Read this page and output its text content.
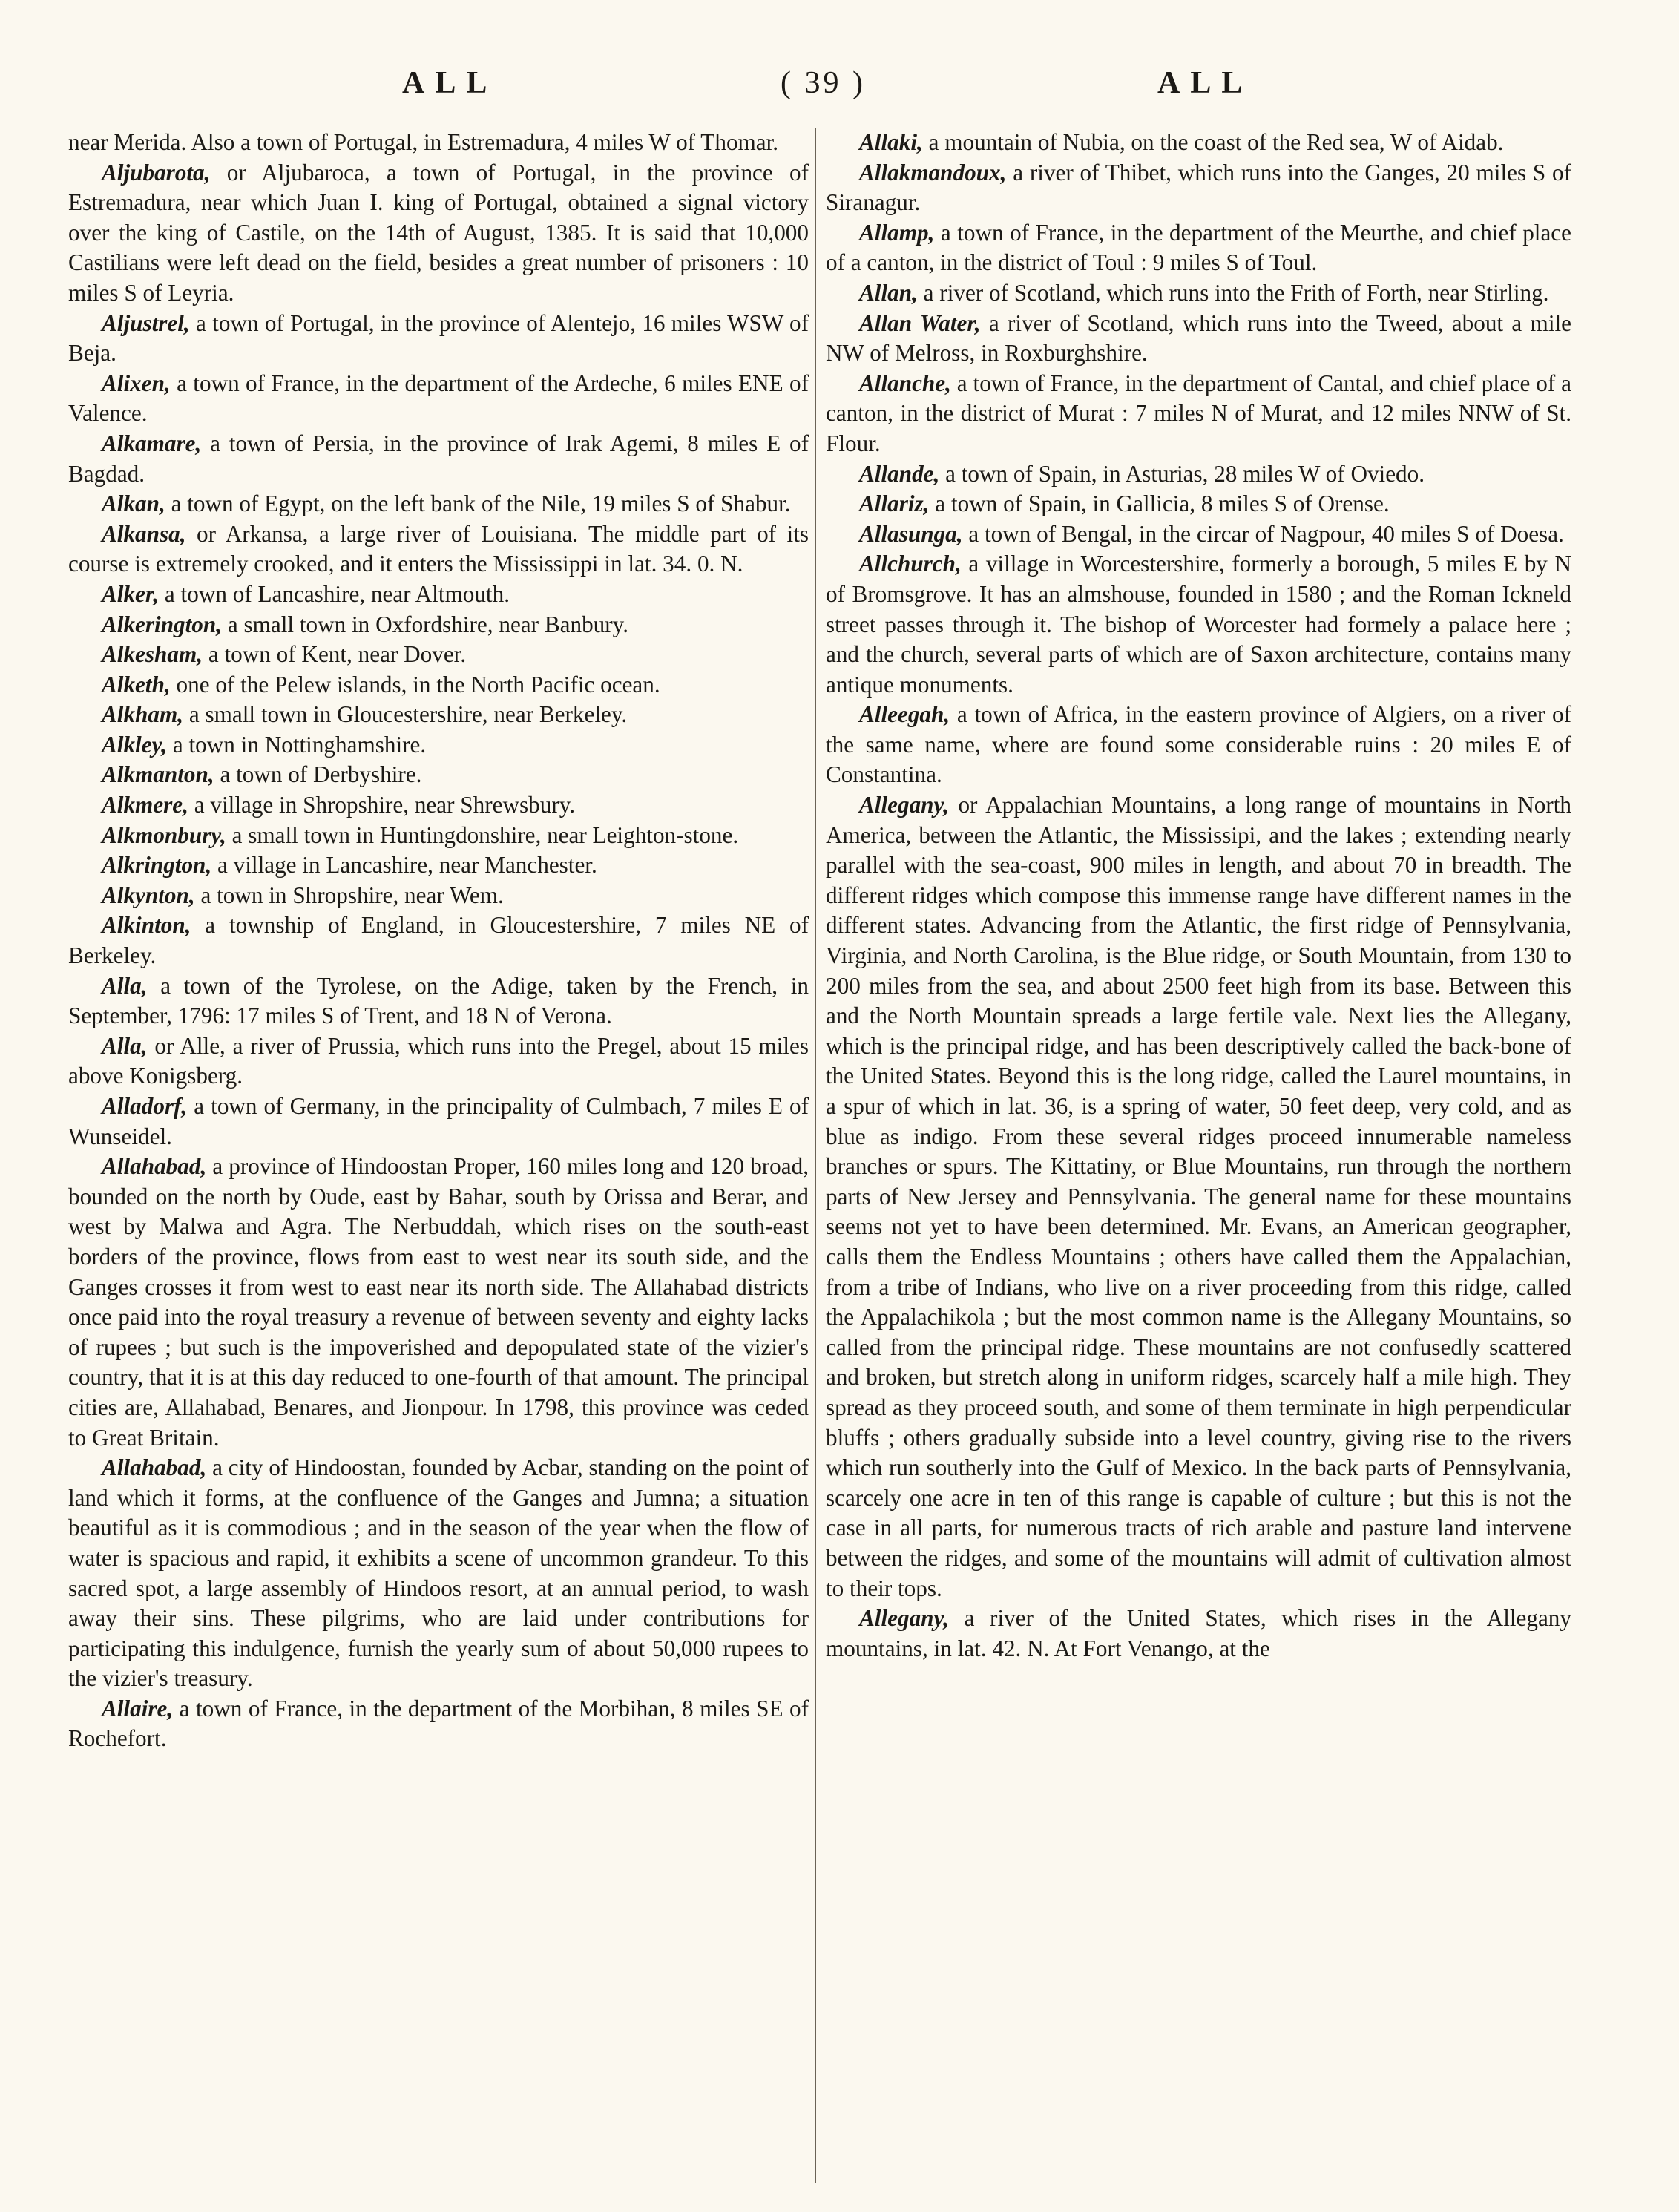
ALL	( 39 )	ALL

near Merida. Also a town of Portugal, in Estremadura, 4 miles W of Thomar.

Aljubarota, or Aljubaroca, a town of Portugal, in the province of Estremadura, near which Juan I. king of Portugal, obtained a signal victory over the king of Castile, on the 14th of August, 1385. It is said that 10,000 Castilians were left dead on the field, besides a great number of prisoners : 10 miles S of Leyria.

Aljustrel, a town of Portugal, in the province of Alentejo, 16 miles WSW of Beja.

Alixen, a town of France, in the department of the Ardeche, 6 miles ENE of Valence.

Alkamare, a town of Persia, in the province of Irak Agemi, 8 miles E of Bagdad.

Alkan, a town of Egypt, on the left bank of the Nile, 19 miles S of Shabur.

Alkansa, or Arkansa, a large river of Louisiana. The middle part of its course is extremely crooked, and it enters the Mississippi in lat. 34. 0. N.

Alker, a town of Lancashire, near Altmouth.

Alkerington, a small town in Oxfordshire, near Banbury.

Alkesham, a town of Kent, near Dover.

Alketh, one of the Pelew islands, in the North Pacific ocean.

Alkham, a small town in Gloucestershire, near Berkeley.

Alkley, a town in Nottinghamshire.

Alkmanton, a town of Derbyshire.

Alkmere, a village in Shropshire, near Shrewsbury.

Alkmonbury, a small town in Huntingdonshire, near Leighton-stone.

Alkrington, a village in Lancashire, near Manchester.

Alkynton, a town in Shropshire, near Wem.

Alkinton, a township of England, in Gloucestershire, 7 miles NE of Berkeley.

Alla, a town of the Tyrolese, on the Adige, taken by the French, in September, 1796: 17 miles S of Trent, and 18 N of Verona.

Alla, or Alle, a river of Prussia, which runs into the Pregel, about 15 miles above Konigsberg.

Alladorf, a town of Germany, in the principality of Culmbach, 7 miles E of Wunseidel.

Allahabad, a province of Hindoostan Proper, 160 miles long and 120 broad, bounded on the north by Oude, east by Bahar, south by Orissa and Berar, and west by Malwa and Agra. The Nerbuddah, which rises on the south-east borders of the province, flows from east to west near its south side, and the Ganges crosses it from west to east near its north side. The Allahabad districts once paid into the royal treasury a revenue of between seventy and eighty lacks of rupees ; but such is the impoverished and depopulated state of the vizier's country, that it is at this day reduced to one-fourth of that amount. The principal cities are, Allahabad, Benares, and Jionpour. In 1798, this province was ceded to Great Britain.

Allahabad, a city of Hindoostan, founded by Acbar, standing on the point of land which it forms, at the confluence of the Ganges and Jumna; a situation beautiful as it is commodious ; and in the season of the year when the flow of water is spacious and rapid, it exhibits a scene of uncommon grandeur. To this sacred spot, a large assembly of Hindoos resort, at an annual period, to wash away their sins. These pilgrims, who are laid under contributions for participating this indulgence, furnish the yearly sum of about 50,000 rupees to the vizier's treasury.

Allaire, a town of France, in the department of the Morbihan, 8 miles SE of Rochefort.

Allaki, a mountain of Nubia, on the coast of the Red sea, W of Aidab.

Allakmandoux, a river of Thibet, which runs into the Ganges, 20 miles S of Siranagur.

Allamp, a town of France, in the department of the Meurthe, and chief place of a canton, in the district of Toul : 9 miles S of Toul.

Allan, a river of Scotland, which runs into the Frith of Forth, near Stirling.

Allan Water, a river of Scotland, which runs into the Tweed, about a mile NW of Melross, in Roxburghshire.

Allanche, a town of France, in the department of Cantal, and chief place of a canton, in the district of Murat : 7 miles N of Murat, and 12 miles NNW of St. Flour.

Allande, a town of Spain, in Asturias, 28 miles W of Oviedo.

Allariz, a town of Spain, in Gallicia, 8 miles S of Orense.

Allasunga, a town of Bengal, in the circar of Nagpour, 40 miles S of Doesa.

Allchurch, a village in Worcestershire, formerly a borough, 5 miles E by N of Bromsgrove. It has an almshouse, founded in 1580 ; and the Roman Ickneld street passes through it. The bishop of Worcester had formely a palace here ; and the church, several parts of which are of Saxon architecture, contains many antique monuments.

Alleegah, a town of Africa, in the eastern province of Algiers, on a river of the same name, where are found some considerable ruins : 20 miles E of Constantina.

Allegany, or Appalachian Mountains, a long range of mountains in North America, between the Atlantic, the Mississipi, and the lakes ; extending nearly parallel with the sea-coast, 900 miles in length, and about 70 in breadth. The different ridges which compose this immense range have different names in the different states. Advancing from the Atlantic, the first ridge of Pennsylvania, Virginia, and North Carolina, is the Blue ridge, or South Mountain, from 130 to 200 miles from the sea, and about 2500 feet high from its base. Between this and the North Mountain spreads a large fertile vale. Next lies the Allegany, which is the principal ridge, and has been descriptively called the back-bone of the United States. Beyond this is the long ridge, called the Laurel mountains, in a spur of which in lat. 36, is a spring of water, 50 feet deep, very cold, and as blue as indigo. From these several ridges proceed innumerable nameless branches or spurs. The Kittatiny, or Blue Mountains, run through the northern parts of New Jersey and Pennsylvania. The general name for these mountains seems not yet to have been determined. Mr. Evans, an American geographer, calls them the Endless Mountains ; others have called them the Appalachian, from a tribe of Indians, who live on a river proceeding from this ridge, called the Appalachikola ; but the most common name is the Allegany Mountains, so called from the principal ridge. These mountains are not confusedly scattered and broken, but stretch along in uniform ridges, scarcely half a mile high. They spread as they proceed south, and some of them terminate in high perpendicular bluffs ; others gradually subside into a level country, giving rise to the rivers which run southerly into the Gulf of Mexico. In the back parts of Pennsylvania, scarcely one acre in ten of this range is capable of culture ; but this is not the case in all parts, for numerous tracts of rich arable and pasture land intervene between the ridges, and some of the mountains will admit of cultivation almost to their tops.

Allegany, a river of the United States, which rises in the Allegany mountains, in lat. 42. N. At Fort Venango, at the
